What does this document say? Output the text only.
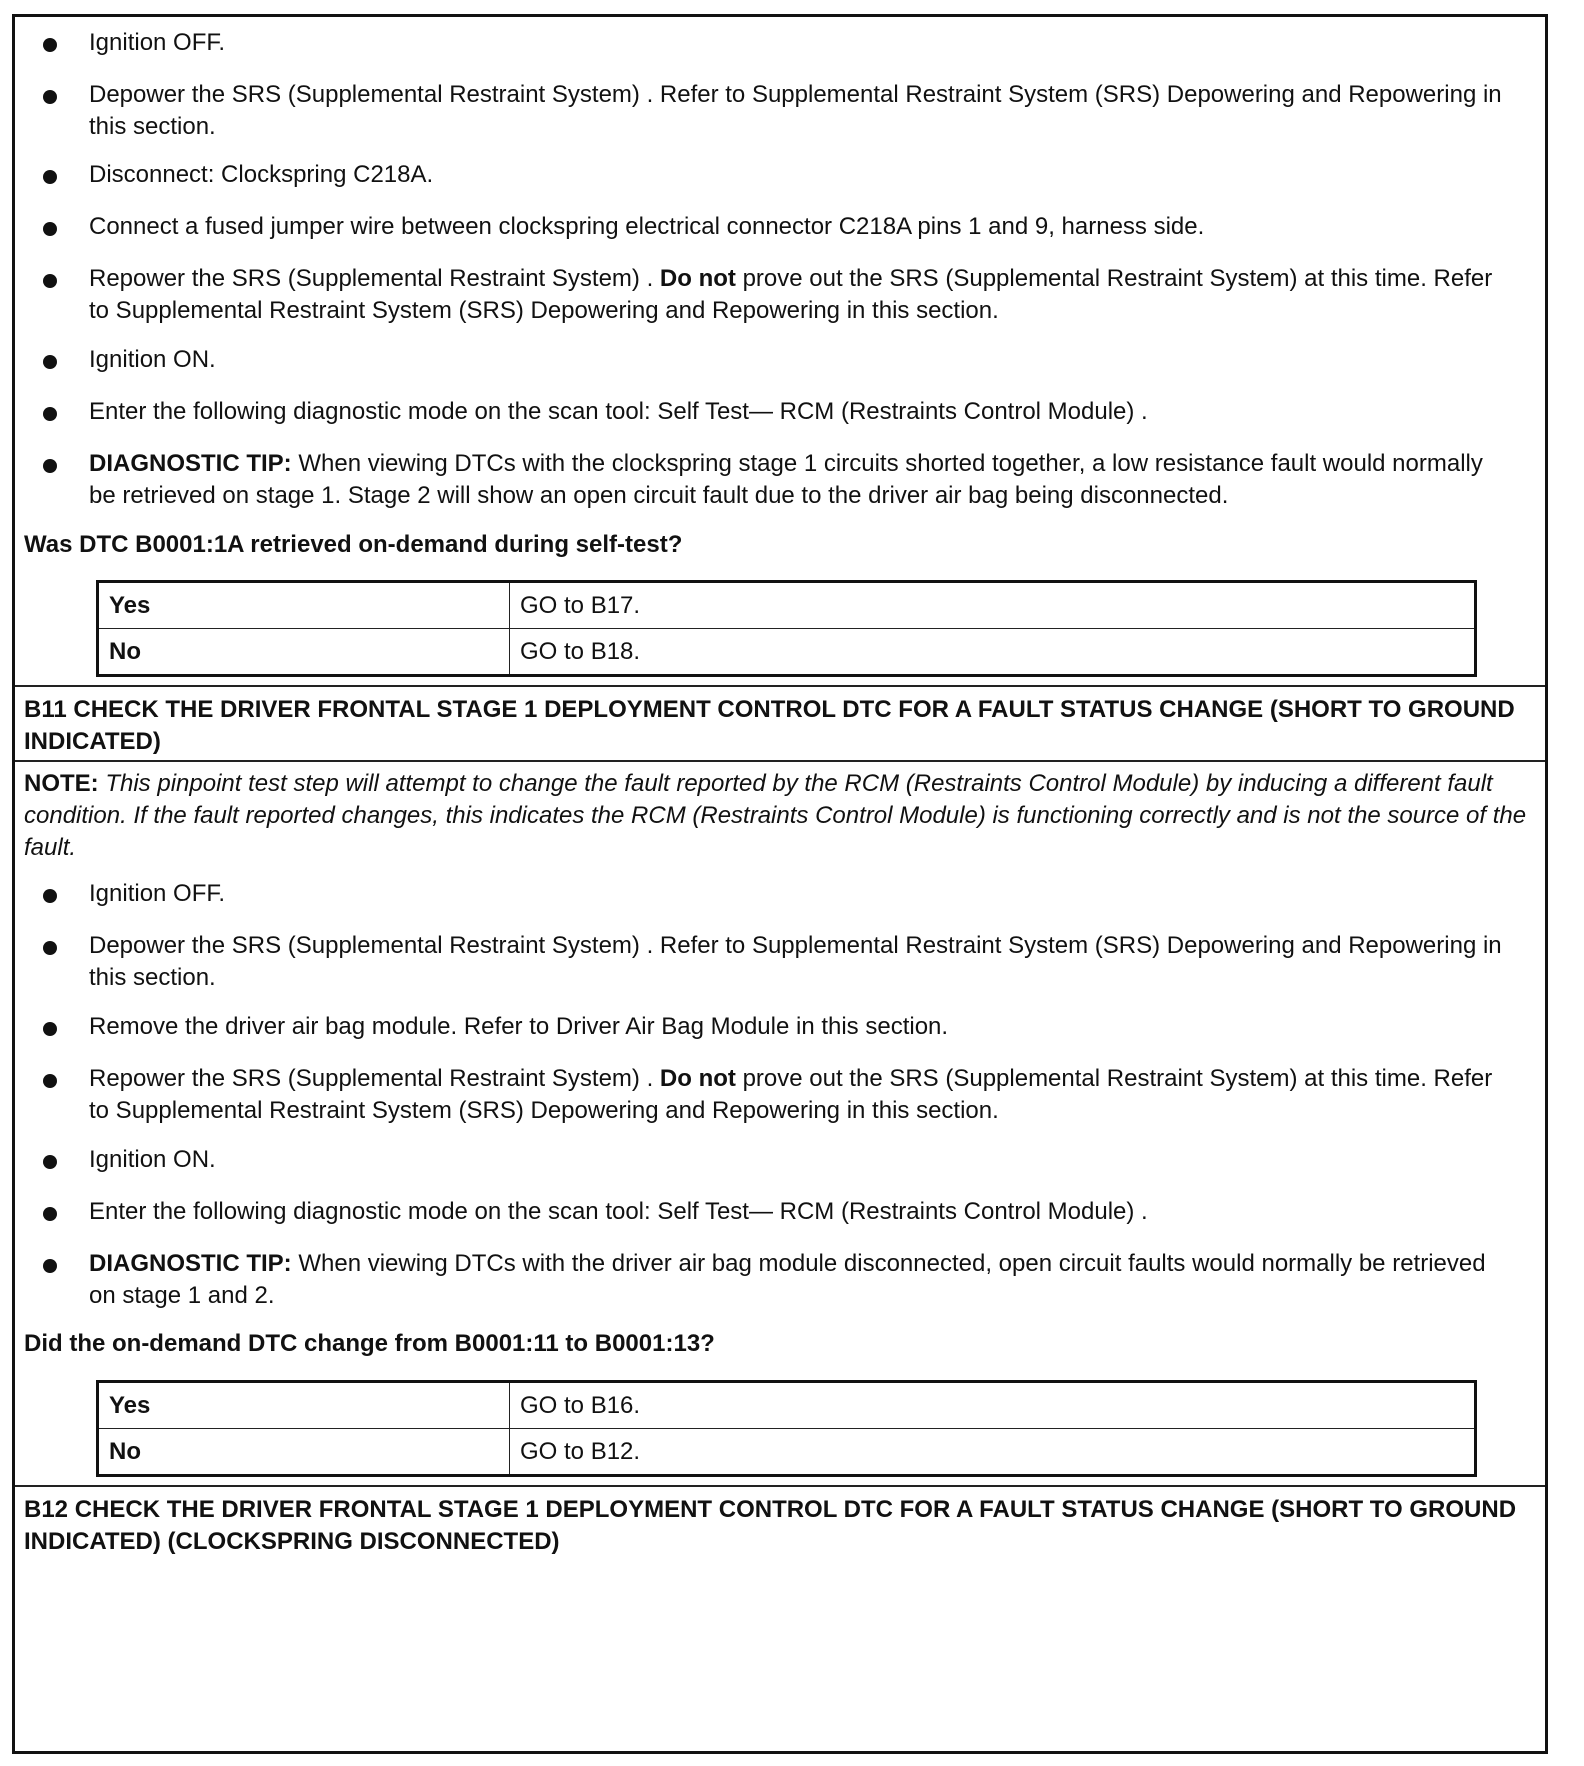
Ignition OFF.
Depower the SRS (Supplemental Restraint System) . Refer to Supplemental Restraint System (SRS) Depowering and Repowering in this section.
Disconnect: Clockspring C218A.
Connect a fused jumper wire between clockspring electrical connector C218A pins 1 and 9, harness side.
Repower the SRS (Supplemental Restraint System) . Do not prove out the SRS (Supplemental Restraint System) at this time. Refer to Supplemental Restraint System (SRS) Depowering and Repowering in this section.
Ignition ON.
Enter the following diagnostic mode on the scan tool: Self Test— RCM (Restraints Control Module) .
DIAGNOSTIC TIP: When viewing DTCs with the clockspring stage 1 circuits shorted together, a low resistance fault would normally be retrieved on stage 1. Stage 2 will show an open circuit fault due to the driver air bag being disconnected.
Was DTC B0001:1A retrieved on-demand during self-test?
Yes	GO to B17.
No	GO to B18.
B11 CHECK THE DRIVER FRONTAL STAGE 1 DEPLOYMENT CONTROL DTC FOR A FAULT STATUS CHANGE (SHORT TO GROUND INDICATED)
NOTE: This pinpoint test step will attempt to change the fault reported by the RCM (Restraints Control Module) by inducing a different fault condition. If the fault reported changes, this indicates the RCM (Restraints Control Module) is functioning correctly and is not the source of the fault.
Ignition OFF.
Depower the SRS (Supplemental Restraint System) . Refer to Supplemental Restraint System (SRS) Depowering and Repowering in this section.
Remove the driver air bag module. Refer to Driver Air Bag Module in this section.
Repower the SRS (Supplemental Restraint System) . Do not prove out the SRS (Supplemental Restraint System) at this time. Refer to Supplemental Restraint System (SRS) Depowering and Repowering in this section.
Ignition ON.
Enter the following diagnostic mode on the scan tool: Self Test— RCM (Restraints Control Module) .
DIAGNOSTIC TIP: When viewing DTCs with the driver air bag module disconnected, open circuit faults would normally be retrieved on stage 1 and 2.
Did the on-demand DTC change from B0001:11 to B0001:13?
Yes	GO to B16.
No	GO to B12.
B12 CHECK THE DRIVER FRONTAL STAGE 1 DEPLOYMENT CONTROL DTC FOR A FAULT STATUS CHANGE (SHORT TO GROUND INDICATED) (CLOCKSPRING DISCONNECTED)
